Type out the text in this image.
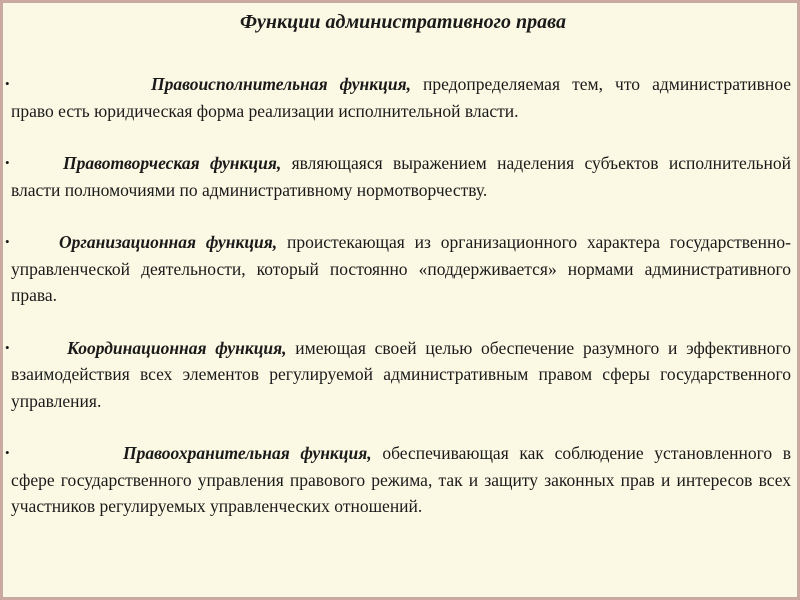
Функции административного права
•	Правоисполнительная функция, предопределяемая тем, что административное право есть юридическая форма реализации исполнительной власти.
•	Правотворческая функция, являющаяся выражением наделения субъектов исполнительной власти полномочиями по административному нормотворчеству.
•	Организационная функция, проистекающая из организационного характера государственно-управленческой деятельности, который постоянно «поддерживается» нормами административного права.
•	Координационная функция, имеющая своей целью обеспечение разумного и эффективного взаимодействия всех элементов регулируемой административным правом сферы государственного управления.
•	Правоохранительная функция, обеспечивающая как соблюдение установленного в сфере государственного управления правового режима, так и защиту законных прав и интересов всех участников регулируемых управленческих отношений.
